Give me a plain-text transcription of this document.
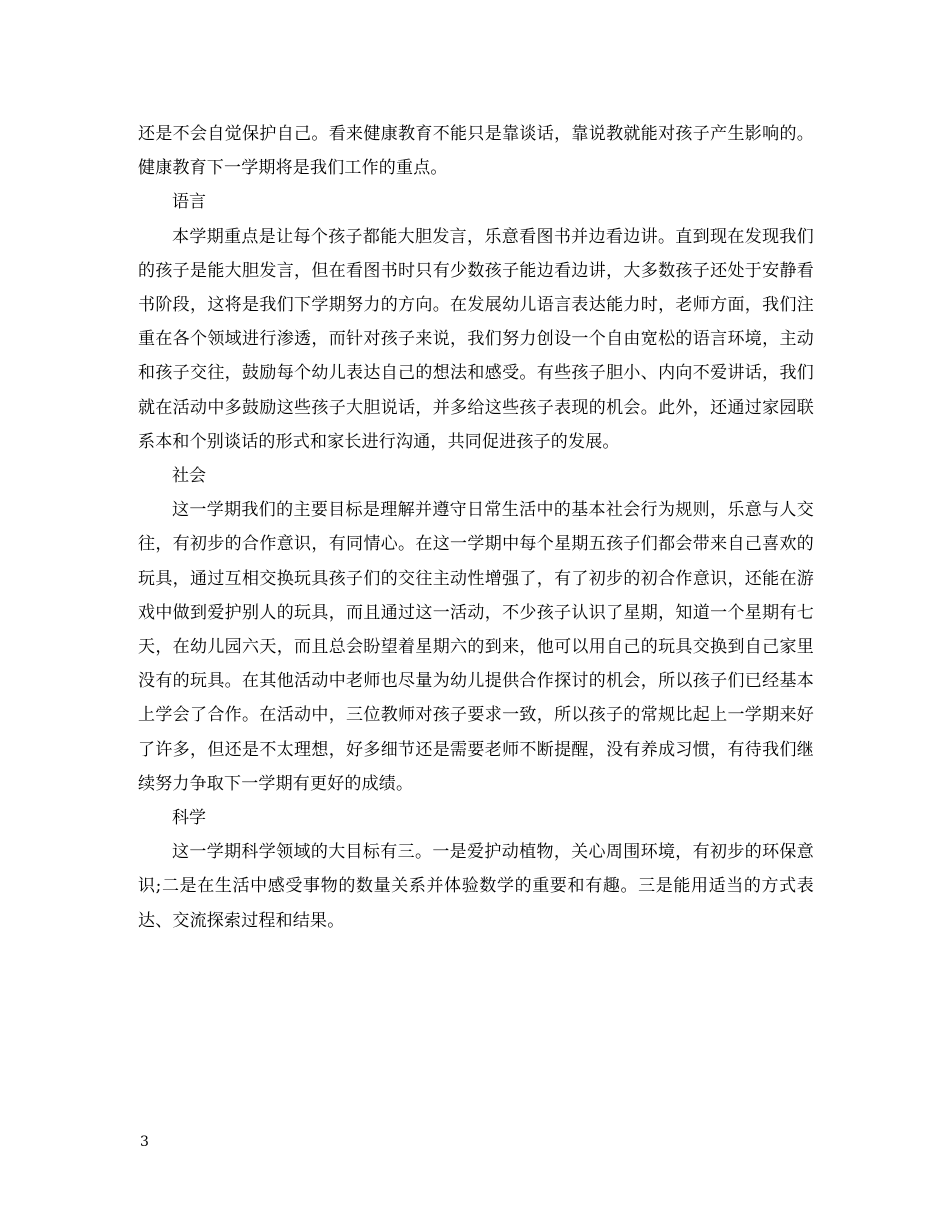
还是不会自觉保护自己。看来健康教育不能只是靠谈话，靠说教就能对孩子产生影响的。健康教育下一学期将是我们工作的重点。

语言

本学期重点是让每个孩子都能大胆发言，乐意看图书并边看边讲。直到现在发现我们的孩子是能大胆发言，但在看图书时只有少数孩子能边看边讲，大多数孩子还处于安静看书阶段，这将是我们下学期努力的方向。在发展幼儿语言表达能力时，老师方面，我们注重在各个领域进行渗透，而针对孩子来说，我们努力创设一个自由宽松的语言环境，主动和孩子交往，鼓励每个幼儿表达自己的想法和感受。有些孩子胆小、内向不爱讲话，我们就在活动中多鼓励这些孩子大胆说话，并多给这些孩子表现的机会。此外，还通过家园联系本和个别谈话的形式和家长进行沟通，共同促进孩子的发展。

社会

这一学期我们的主要目标是理解并遵守日常生活中的基本社会行为规则，乐意与人交往，有初步的合作意识，有同情心。在这一学期中每个星期五孩子们都会带来自己喜欢的玩具，通过互相交换玩具孩子们的交往主动性增强了，有了初步的初合作意识，还能在游戏中做到爱护别人的玩具，而且通过这一活动，不少孩子认识了星期，知道一个星期有七天，在幼儿园六天，而且总会盼望着星期六的到来，他可以用自己的玩具交换到自己家里没有的玩具。在其他活动中老师也尽量为幼儿提供合作探讨的机会，所以孩子们已经基本上学会了合作。在活动中，三位教师对孩子要求一致，所以孩子的常规比起上一学期来好了许多，但还是不太理想，好多细节还是需要老师不断提醒，没有养成习惯，有待我们继续努力争取下一学期有更好的成绩。

科学

这一学期科学领域的大目标有三。一是爱护动植物，关心周围环境，有初步的环保意识;二是在生活中感受事物的数量关系并体验数学的重要和有趣。三是能用适当的方式表达、交流探索过程和结果。

3
